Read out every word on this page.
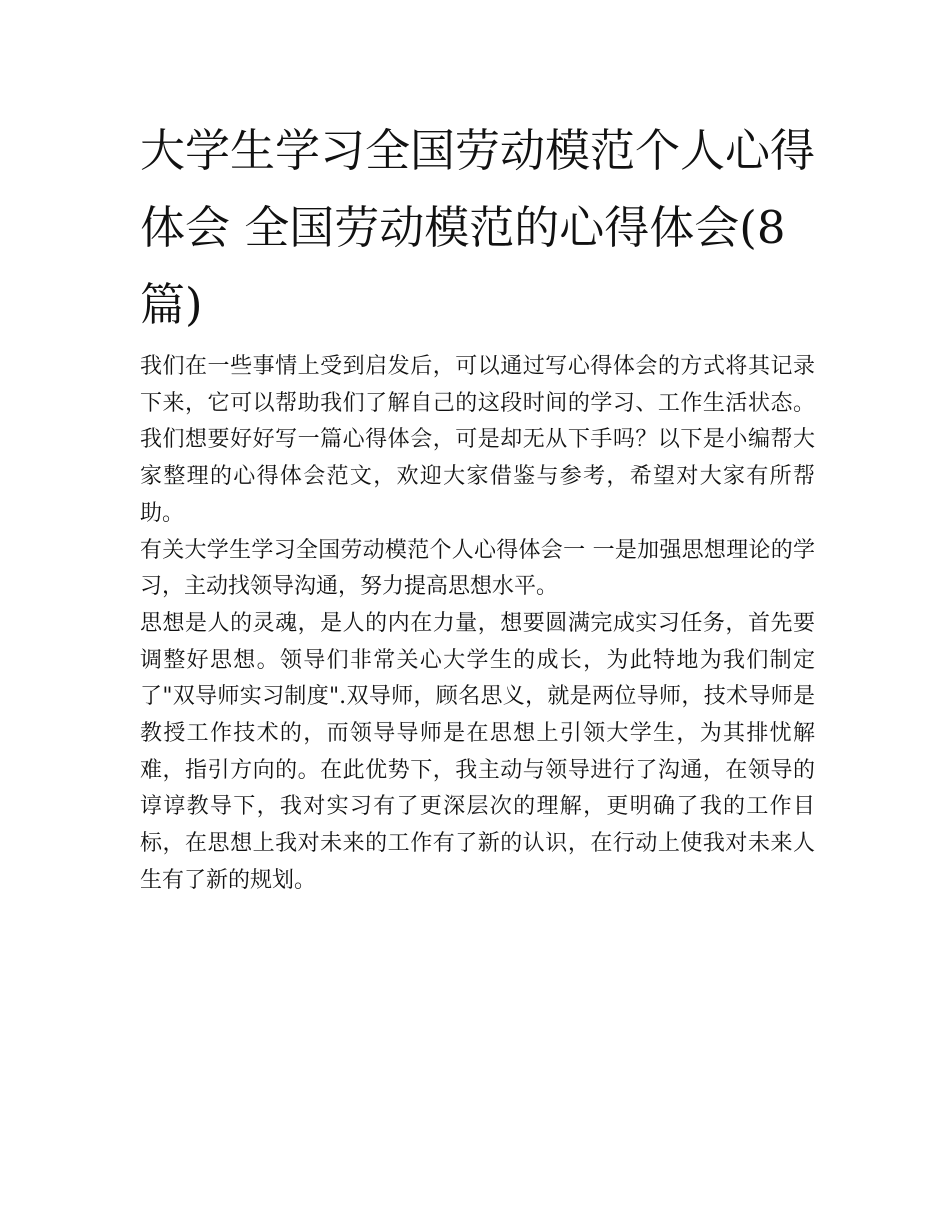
大学生学习全国劳动模范个人心得体会 全国劳动模范的心得体会(8篇)

我们在一些事情上受到启发后，可以通过写心得体会的方式将其记录下来，它可以帮助我们了解自己的这段时间的学习、工作生活状态。我们想要好好写一篇心得体会，可是却无从下手吗？以下是小编帮大家整理的心得体会范文，欢迎大家借鉴与参考，希望对大家有所帮助。

有关大学生学习全国劳动模范个人心得体会一 一是加强思想理论的学习，主动找领导沟通，努力提高思想水平。

思想是人的灵魂，是人的内在力量，想要圆满完成实习任务，首先要调整好思想。领导们非常关心大学生的成长，为此特地为我们制定了"双导师实习制度".双导师，顾名思义，就是两位导师，技术导师是教授工作技术的，而领导导师是在思想上引领大学生，为其排忧解难，指引方向的。在此优势下，我主动与领导进行了沟通，在领导的谆谆教导下，我对实习有了更深层次的理解，更明确了我的工作目标，在思想上我对未来的工作有了新的认识，在行动上使我对未来人生有了新的规划。
